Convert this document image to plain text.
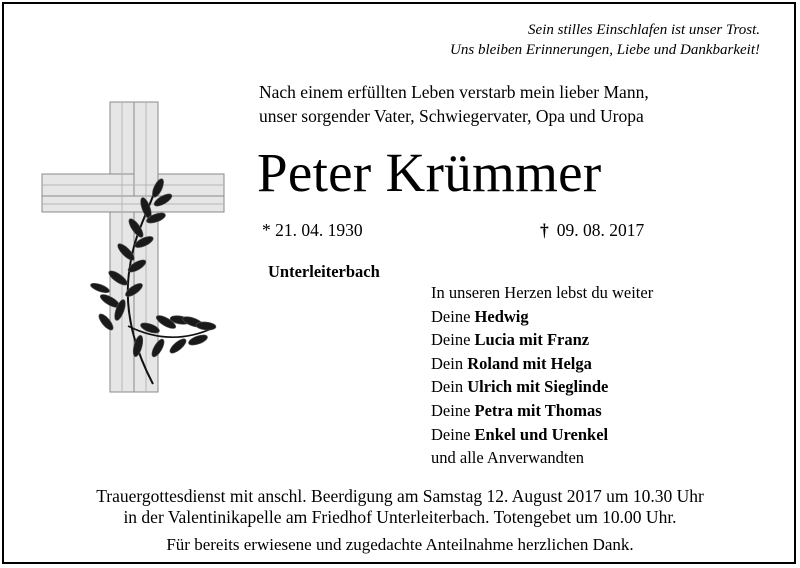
Sein stilles Einschlafen ist unser Trost.
Uns bleiben Erinnerungen, Liebe und Dankbarkeit!
Nach einem erfüllten Leben verstarb mein lieber Mann,
unser sorgender Vater, Schwiegervater, Opa und Uropa
Peter Krümmer
* 21. 04. 1930	† 09. 08. 2017
Unterleiterbach
In unseren Herzen lebst du weiter
Deine Hedwig
Deine Lucia mit Franz
Dein Roland mit Helga
Dein Ulrich mit Sieglinde
Deine Petra mit Thomas
Deine Enkel und Urenkel
und alle Anverwandten
Trauergottesdienst mit anschl. Beerdigung am Samstag 12. August 2017 um 10.30 Uhr
in der Valentinikapelle am Friedhof Unterleiterbach. Totengebet um 10.00 Uhr.
Für bereits erwiesene und zugedachte Anteilnahme herzlichen Dank.
